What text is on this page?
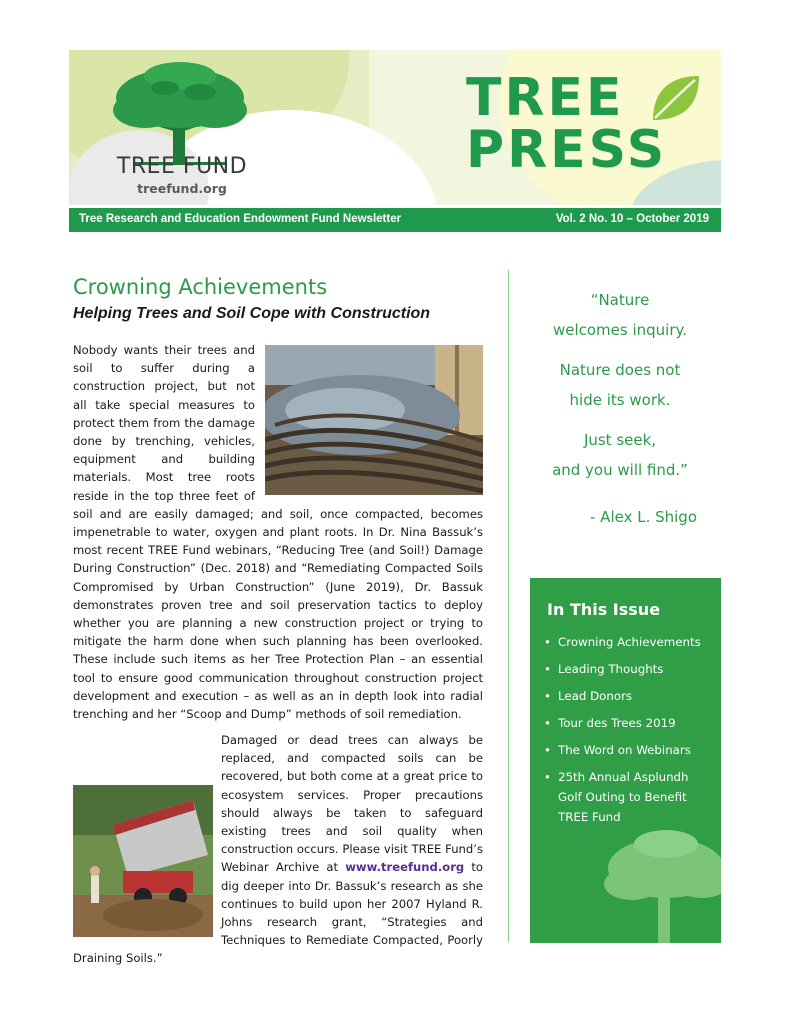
TREE FUND
treefund.org
TREE
PRESS
Tree Research and Education Endowment Fund Newsletter	Vol. 2 No. 10 – October 2019
Crowning Achievements
Helping Trees and Soil Cope with Construction
Nobody wants their trees and soil to suffer during a construction project, but not all take special measures to protect them from the damage done by trenching, vehicles, equipment and building materials. Most tree roots reside in the top three feet of soil and are easily damaged; and soil, once compacted, becomes impenetrable to water, oxygen and plant roots. In Dr. Nina Bassuk’s most recent TREE Fund webinars, “Reducing Tree (and Soil!) Damage During Construction” (Dec. 2018) and “Remediating Compacted Soils Compromised by Urban Construction” (June 2019), Dr. Bassuk demonstrates proven tree and soil preservation tactics to deploy whether you are planning a new construction project or trying to mitigate the harm done when such planning has been overlooked. These include such items as her Tree Protection Plan – an essential tool to ensure good communication throughout construction project development and execution – as well as an in depth look into radial trenching and her “Scoop and Dump” methods of soil remediation.
Damaged or dead trees can always be replaced, and compacted soils can be recovered, but both come at a great price to ecosystem services. Proper precautions should always be taken to safeguard existing trees and soil quality when construction occurs. Please visit TREE Fund’s Webinar Archive at www.treefund.org to dig deeper into Dr. Bassuk’s research as she continues to build upon her 2007 Hyland R. Johns research grant, “Strategies and Techniques to Remediate Compacted, Poorly Draining Soils.”
“Nature
welcomes inquiry.
Nature does not
hide its work.
Just seek,
and you will find.”
- Alex L. Shigo
In This Issue
• Crowning Achievements
• Leading Thoughts
• Lead Donors
• Tour des Trees 2019
• The Word on Webinars
• 25th Annual Asplundh Golf Outing to Benefit TREE Fund
